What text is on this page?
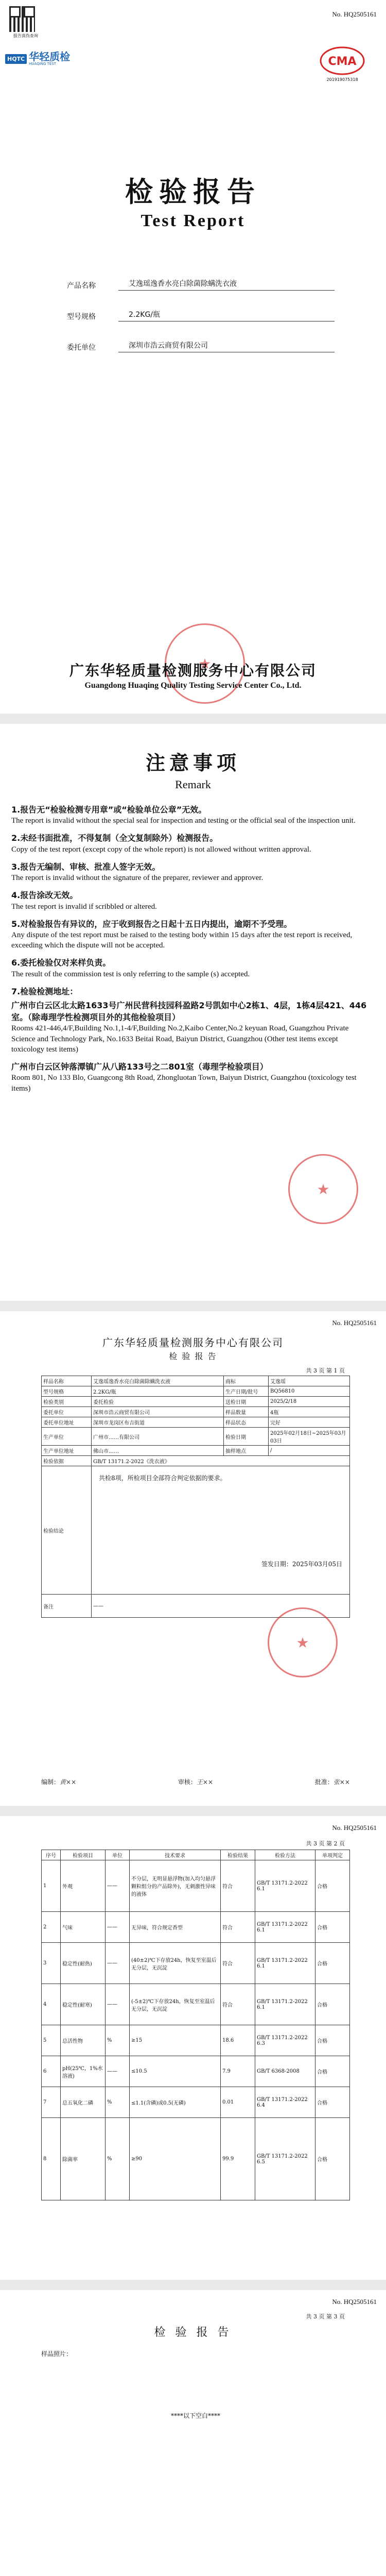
报告真伪查询
HQTC 华轻质检
HUAQING TEST
No. HQ2505161
CMA
201919075318
检验报告
Test Report
产品名称	艾逸瑶逸香水亮白除菌除螨洗衣液
型号规格	2.2KG/瓶
委托单位	深圳市浩云商贸有限公司
★
广东华轻质量检测服务中心有限公司
Guangdong Huaqing Quality Testing Service Center Co., Ltd.
注意事项
Remark
1.报告无“检验检测专用章”或“检验单位公章”无效。
The report is invalid without the special seal for inspection and testing or the official seal of the inspection unit.
2.未经书面批准，不得复制（全文复制除外）检测报告。
Copy of the test report (except copy of the whole report) is not allowed without written approval.
3.报告无编制、审核、批准人签字无效。
The report is invalid without the signature of the preparer, reviewer and approver.
4.报告涂改无效。
The test report is invalid if scribbled or altered.
5.对检验报告有异议的，应于收到报告之日起十五日内提出，逾期不予受理。
Any dispute of the test report must be raised to the testing body within 15 days after the test report is received, exceeding which the dispute will not be accepted.
6.委托检验仅对来样负责。
The result of the commission test is only referring to the sample (s) accepted.
7.检验检测地址：
广州市白云区北太路1633号广州民营科技园科盈路2号凯如中心2栋1、4层，1栋4层421、446室。（除毒理学性检测项目外的其他检验项目）
Rooms 421-446,4/F,Building No.1,1-4/F,Building No.2,Kaibo Center,No.2 keyuan Road, Guangzhou Private Science and Technology Park, No.1633 Beitai Road, Baiyun District, Guangzhou (Other test items except toxicology test items)
广州市白云区钟落潭镇广从八路133号之二801室（毒理学检验项目）
Room 801, No 133 Blo, Guangcong 8th Road, Zhongluotan Town, Baiyun District, Guangzhou (toxicology test items)
★
No. HQ2505161
广东华轻质量检测服务中心有限公司
检 验 报 告
共 3 页 第 1 页
样品名称	艾逸瑶逸香水亮白除菌除螨洗衣液	商标	艾逸瑶
型号规格	2.2KG/瓶	生产日期/批号	BQ56810
检验类别	委托检验	送检日期	2025/2/18
委托单位	深圳市浩云商贸有限公司	样品数量	4瓶
委托单位地址	深圳市龙岗区布吉街道	样品状态	完好
生产单位	广州市……有限公司	检验日期	2025年02月18日~2025年03月03日
生产单位地址	佛山市……	抽样地点	/
检验依据	GB/T 13171.2-2022《洗衣液》		
检验结论	共检8项，所检项目全部符合判定依据的要求。
签发日期：2025年03月05日		

备注	——		
★
编制：黄××	审核：王××	批准：张××
No. HQ2505161
共 3 页 第 2 页
序号	检验项目	单位	技术要求	检验结果	检验方法	单项判定
1	外观	——	不分层，无明显悬浮物(加入均匀悬浮颗粒组分的产品除外)，无刺激性异味的液体	符合	GB/T 13171.2-2022 6.1	合格
2	气味	——	无异味，符合规定香型	符合	GB/T 13171.2-2022 6.1	合格
3	稳定性(耐热)	——	(40±2)℃下存放24h，恢复至室温后无分层，无沉淀	符合	GB/T 13171.2-2022 6.1	合格
4	稳定性(耐寒)	——	(-5±2)℃下存放24h，恢复至室温后无分层，无沉淀	符合	GB/T 13171.2-2022 6.1	合格
5	总活性物	%	≥15	18.6	GB/T 13171.2-2022 6.3	合格
6	pH(25℃，1%水溶液)	——	≤10.5	7.9	GB/T 6368-2008	合格
7	总五氧化二磷	%	≤1.1(含磷)或0.5(无磷)	0.01	GB/T 13171.2-2022 6.4	合格
8	除菌率	%	≥90	99.9	GB/T 13171.2-2022 6.5	合格
No. HQ2505161
共 3 页 第 3 页
检 验 报 告
样品照片：
****以下空白****
